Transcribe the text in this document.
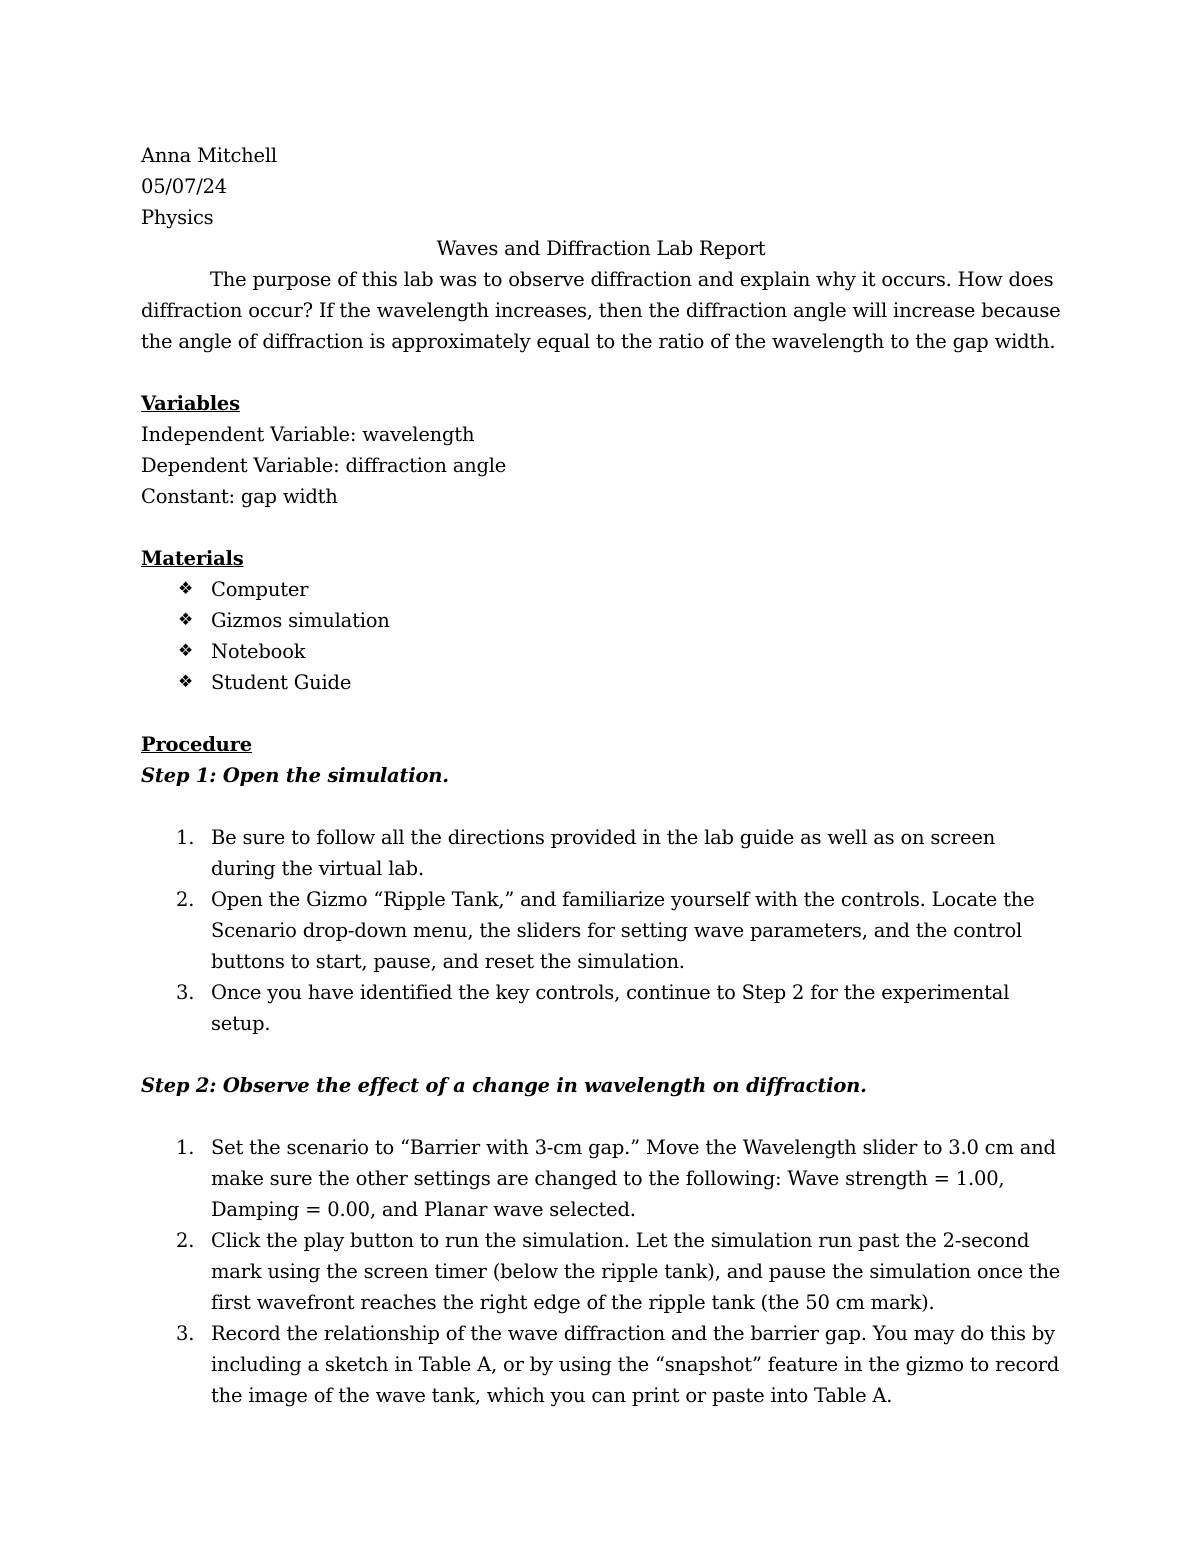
Anna Mitchell

05/07/24

Physics

Waves and Diffraction Lab Report

The purpose of this lab was to observe diffraction and explain why it occurs. How does diffraction occur? If the wavelength increases, then the diffraction angle will increase because the angle of diffraction is approximately equal to the ratio of the wavelength to the gap width.

Variables

Independent Variable: wavelength

Dependent Variable: diffraction angle

Constant: gap width

Materials

❖ Computer
❖ Gizmos simulation
❖ Notebook
❖ Student Guide

Procedure

Step 1: Open the simulation.

1. Be sure to follow all the directions provided in the lab guide as well as on screen during the virtual lab.
2. Open the Gizmo “Ripple Tank,” and familiarize yourself with the controls. Locate the Scenario drop-down menu, the sliders for setting wave parameters, and the control buttons to start, pause, and reset the simulation.
3. Once you have identified the key controls, continue to Step 2 for the experimental setup.

Step 2: Observe the effect of a change in wavelength on diffraction.

1. Set the scenario to “Barrier with 3-cm gap.” Move the Wavelength slider to 3.0 cm and make sure the other settings are changed to the following: Wave strength = 1.00, Damping = 0.00, and Planar wave selected.
2. Click the play button to run the simulation. Let the simulation run past the 2-second mark using the screen timer (below the ripple tank), and pause the simulation once the first wavefront reaches the right edge of the ripple tank (the 50 cm mark).
3. Record the relationship of the wave diffraction and the barrier gap. You may do this by including a sketch in Table A, or by using the “snapshot” feature in the gizmo to record the image of the wave tank, which you can print or paste into Table A.
